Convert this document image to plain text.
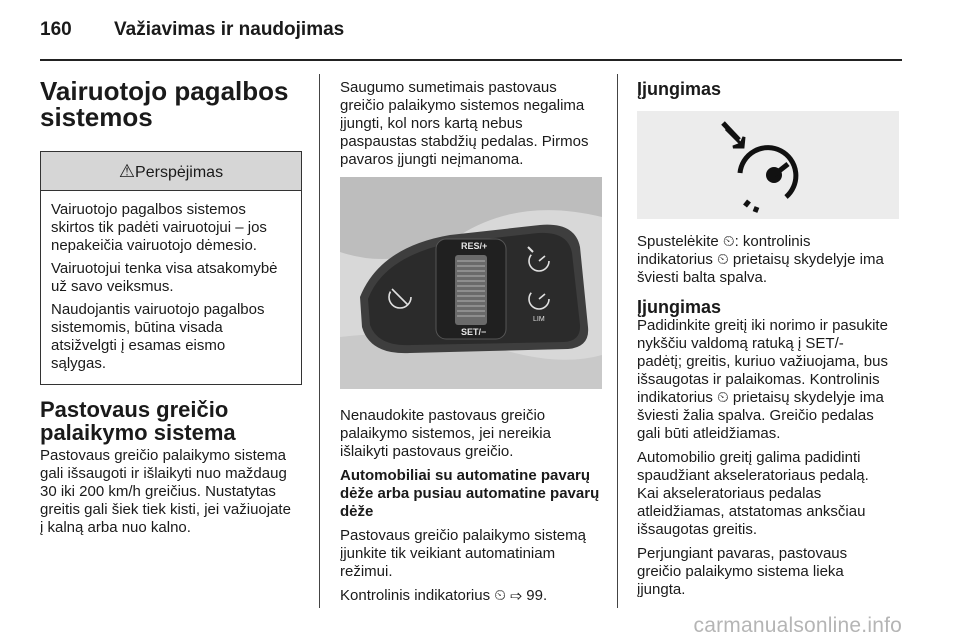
160 Važiavimas ir naudojimas
Vairuotojo pagalbos
sistemos
⚠Perspėjimas

Vairuotojo pagalbos sistemos
skirtos tik padėti vairuotojui – jos
nepakeičia vairuotojo dėmesio.

Vairuotojui tenka visa atsakomybė
už savo veiksmus.

Naudojantis vairuotojo pagalbos
sistemomis, būtina visada
atsižvelgti į esamas eismo
sąlygas.

Pastovaus greičio
palaikymo sistema

Pastovaus greičio palaikymo sistema
gali išsaugoti ir išlaikyti nuo maždaug
30 iki 200 km/h greičius. Nustatytas
greitis gali šiek tiek kisti, jei važiuojate
į kalną arba nuo kalno.

Saugumo sumetimais pastovaus
greičio palaikymo sistemos negalima
įjungti, kol nors kartą nebus
paspaustas stabdžių pedalas. Pirmos
pavaros įjungti neįmanoma.

RES/+
SET/−
LIM

Nenaudokite pastovaus greičio
palaikymo sistemos, jei nereikia
išlaikyti pastovaus greičio.

Automobiliai su automatine pavarų
dėže arba pusiau automatine pavarų
dėže

Pastovaus greičio palaikymo sistemą
įjunkite tik veikiant automatiniam
režimui.

Kontrolinis indikatorius ⏲ ⇨ 99.

Įjungimas

Spustelėkite ⏲: kontrolinis
indikatorius ⏲ prietaisų skydelyje ima
šviesti balta spalva.

Įjungimas

Padidinkite greitį iki norimo ir pasukite
nykščiu valdomą ratuką į SET/-
padėtį; greitis, kuriuo važiuojama, bus
išsaugotas ir palaikomas. Kontrolinis
indikatorius ⏲ prietaisų skydelyje ima
šviesti žalia spalva. Greičio pedalas
gali būti atleidžiamas.

Automobilio greitį galima padidinti
spaudžiant akseleratoriaus pedalą.
Kai akseleratoriaus pedalas
atleidžiamas, atstatomas anksčiau
išsaugotas greitis.

Perjungiant pavaras, pastovaus
greičio palaikymo sistema lieka
įjungta.

carmanualsonline.info
